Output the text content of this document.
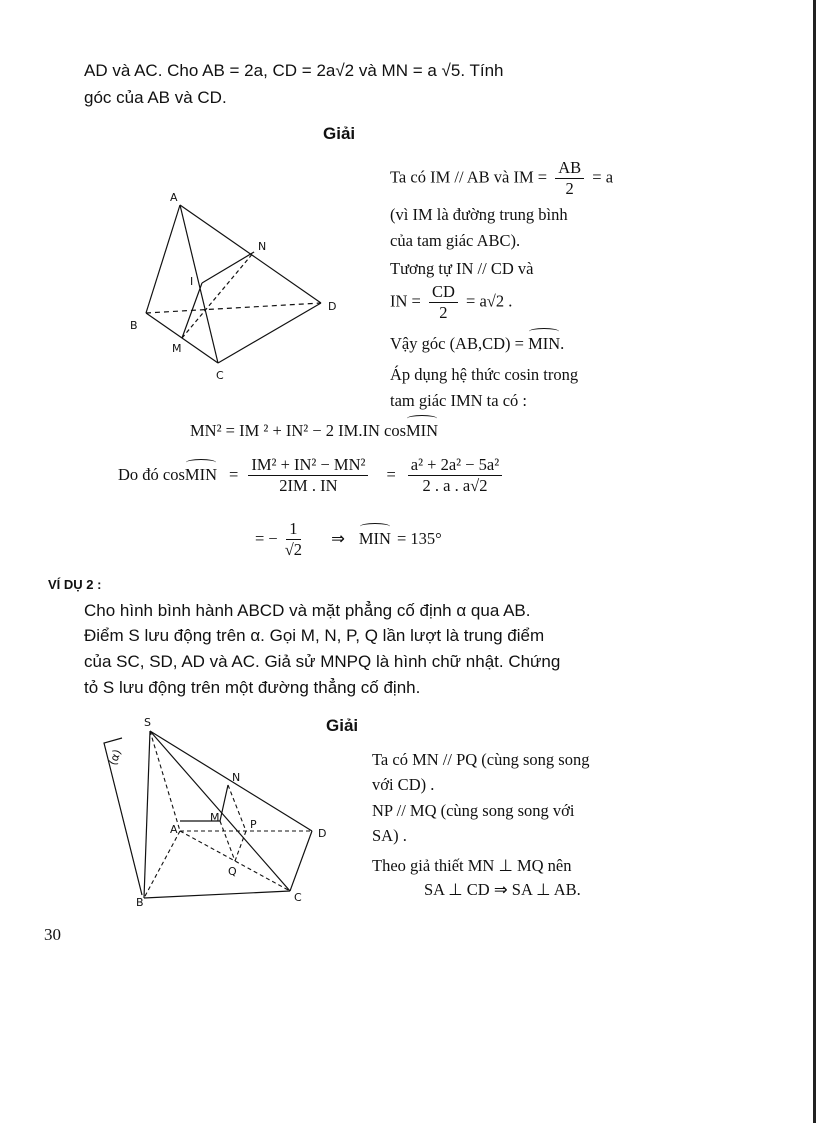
AD và AC. Cho AB = 2a, CD = 2a√2 và MN = a √5. Tính
góc của AB và CD.
Giải
A
B
C
D
M
N
I
Ta có IM // AB và IM = $\frac{AB}{2} = a$
(vì IM là đường trung bình
của tam giác ABC).
Tương tự IN // CD và
IN = $\frac{CD}{2} = a√2$ .
Vậy góc (AB,CD) = MIN.
Áp dụng hệ thức cosin trong
tam giác IMN ta có :
MN² = IM ² + IN² − 2 IM.IN cosMIN
Do đó cos MIN = $\frac{\text{IM² + IN² − MN²}}{2IM . IN} = \frac{\text{a² + 2a² − 5a²}}{2 . a . a√2}$
= − $\frac{1}{√2}$ ⇒ MIN = 135°
VÍ DỤ 2 :
Cho hình bình hành ABCD và mặt phẳng cố định α qua AB.
Điểm S lưu động trên α. Gọi M, N, P, Q lần lượt là trung điểm
của SC, SD, AD và AC. Giả sử MNPQ là hình chữ nhật. Chứng
tỏ S lưu động trên một đường thẳng cố định.
Giải
S
A
B	C
D
M
N
P
Q
(α)	Ta có MN // PQ (cùng song song
với CD) .
NP // MQ (cùng song song với
SA) .
Theo giả thiết MN ⊥ MQ nên
SA ⊥ CD ⇒ SA ⊥ AB.
30
